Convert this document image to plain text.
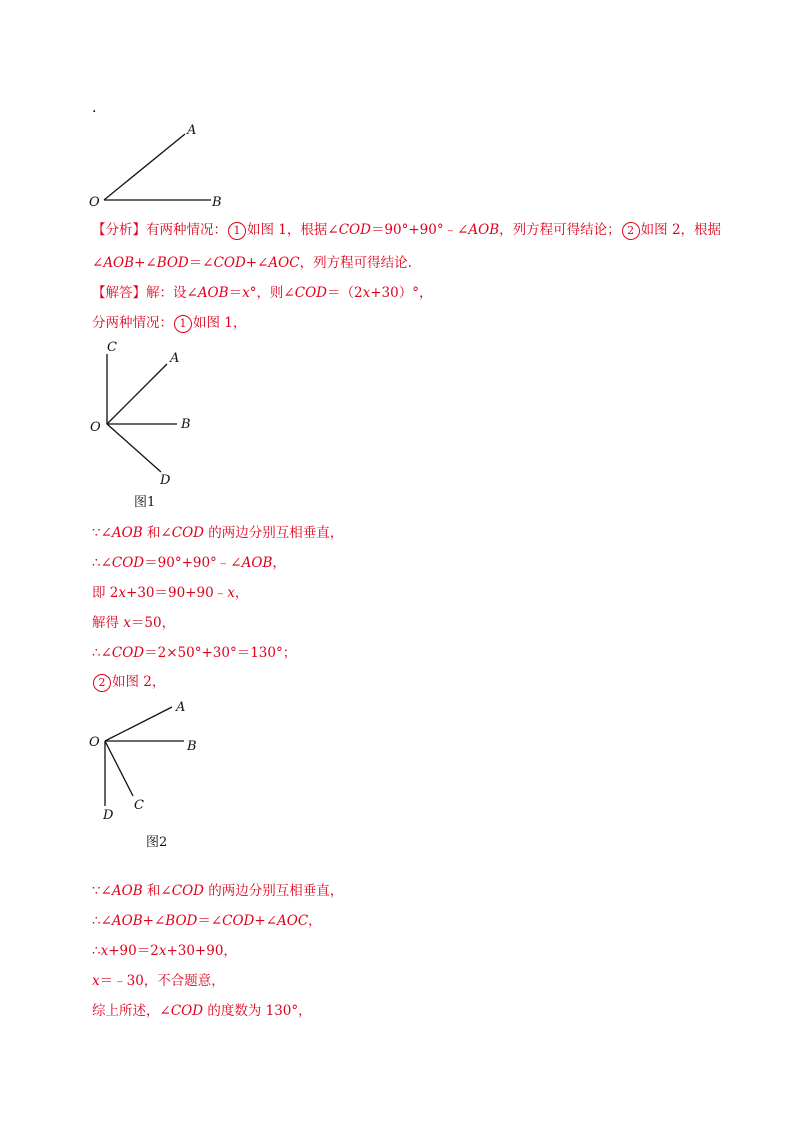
.
A
O	B
【分析】有两种情况： 1 如图 1，根据∠COD＝90°+90°﹣∠AOB，列方程可得结论； 2 如图 2，根据
∠AOB+∠BOD＝∠COD+∠AOC，列方程可得结论.
【解答】解：设∠AOB＝x°，则∠COD＝（2x+30）°，
分两种情况： 1 如图 1，
C
A
O	B
D
图1
∵∠AOB 和∠COD 的两边分别互相垂直，
∴∠COD＝90°+90°﹣∠AOB，
即 2x+30＝90+90﹣x，
解得 x＝50，
∴∠COD＝2×50°+30°＝130°；
2 如图 2，
A
O	B
D
C
图2
∵∠AOB 和∠COD 的两边分别互相垂直，
∴∠AOB+∠BOD＝∠COD+∠AOC，
∴x+90＝2x+30+90，
x＝﹣30，不合题意，
综上所述，∠COD 的度数为 130°，
